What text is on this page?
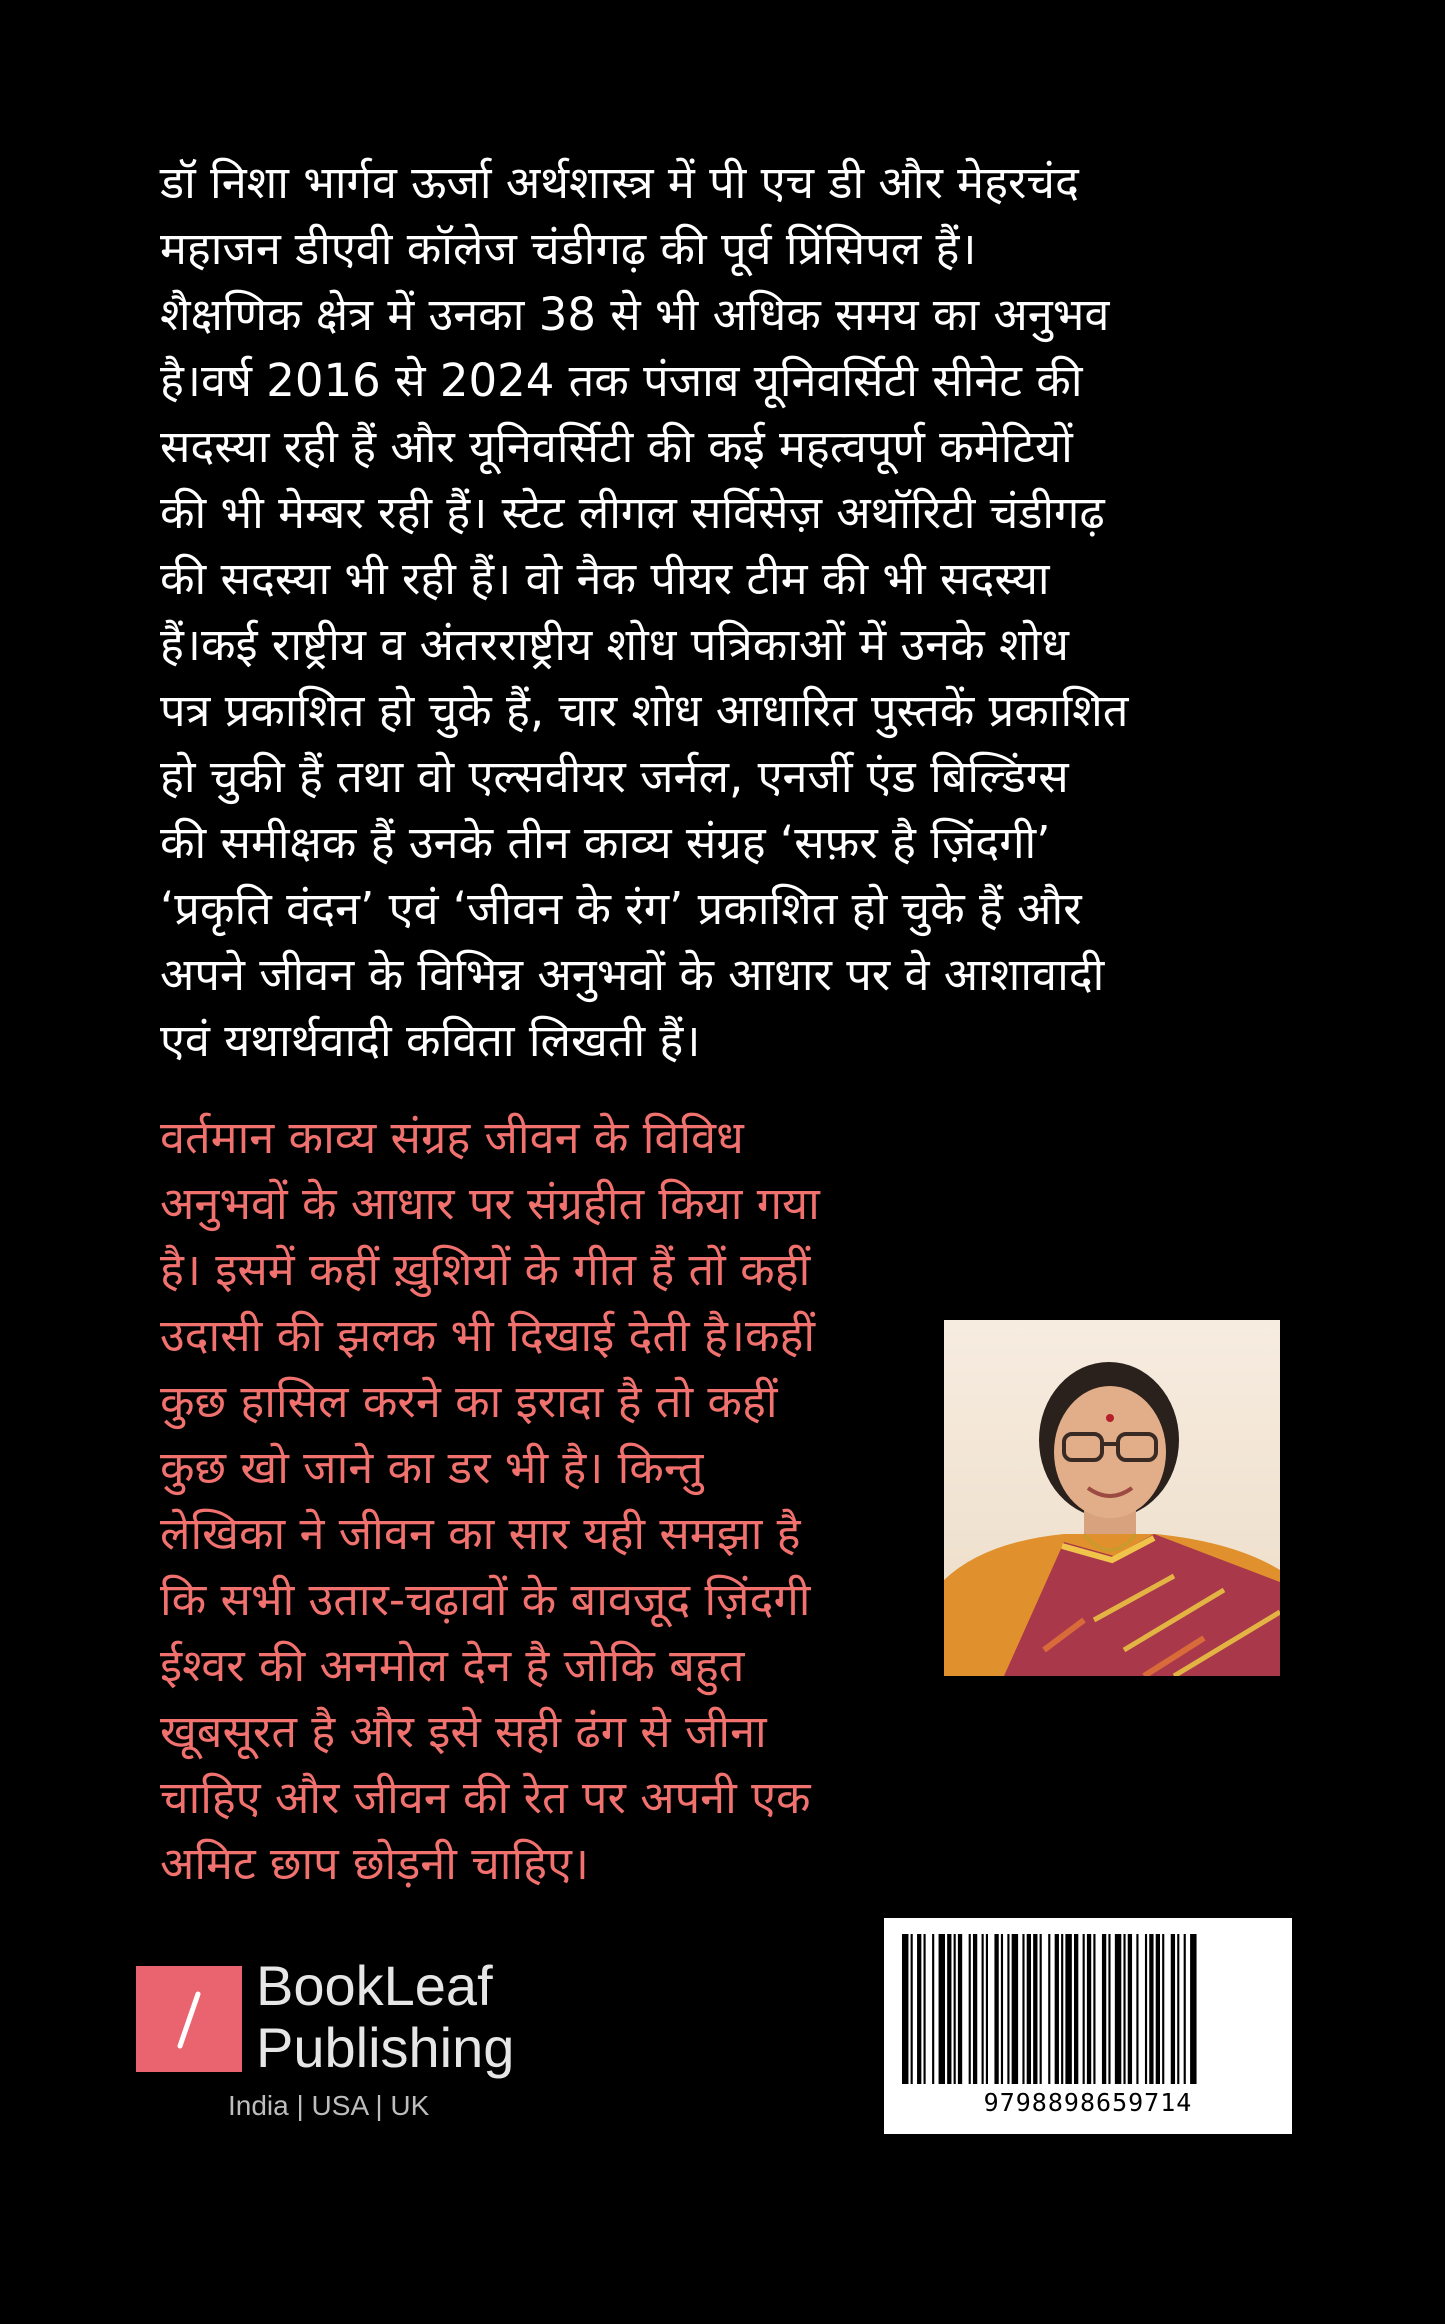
डॉ निशा भार्गव ऊर्जा अर्थशास्त्र में पी एच डी और मेहरचंद
महाजन डीएवी कॉलेज चंडीगढ़ की पूर्व प्रिंसिपल हैं।
शैक्षणिक क्षेत्र में उनका 38 से भी अधिक समय का अनुभव
है।वर्ष 2016 से 2024 तक पंजाब यूनिवर्सिटी सीनेट की
सदस्या रही हैं और यूनिवर्सिटी की कई महत्वपूर्ण कमेटियों
की भी मेम्बर रही हैं। स्टेट लीगल सर्विसेज़ अथॉरिटी चंडीगढ़
की सदस्या भी रही हैं। वो नैक पीयर टीम की भी सदस्या
हैं।￼कई राष्ट्रीय व अंतरराष्ट्रीय शोध पत्रिकाओं में उनके शोध
पत्र प्रकाशित हो चुके हैं, चार शोध आधारित पुस्तकें प्रकाशित
हो चुकी हैं तथा वो एल्सवीयर जर्नल, एनर्जी एंड बिल्डिंग्स
की समीक्षक हैं उनके तीन काव्य संग्रह ‘सफ़र है ज़िंदगी’
‘प्रकृति वंदन’ एवं ‘जीवन के रंग’ प्रकाशित हो चुके हैं और
अपने जीवन के विभिन्न अनुभवों के आधार पर वे आशावादी
एवं यथार्थवादी कविता लिखती हैं।
वर्तमान काव्य संग्रह जीवन के विविध
अनुभवों के आधार पर संग्रहीत किया गया
है। इसमें कहीं ख़ुशियों के गीत हैं तों कहीं
उदासी की झलक भी दिखाई देती है।कहीं
कुछ हासिल करने का इरादा है तो कहीं
कुछ खो जाने का डर भी है। किन्तु
लेखिका ने जीवन का सार यही समझा है
कि सभी उतार-चढ़ावों के बावजूद ज़िंदगी
ईश्वर की अनमोल देन है जोकि बहुत
खूबसूरत है और इसे सही ढंग से जीना
चाहिए और जीवन की रेत पर अपनी एक
अमिट छाप छोड़नी चाहिए।
9798898659714
BookLeaf
Publishing
India | USA | UK
